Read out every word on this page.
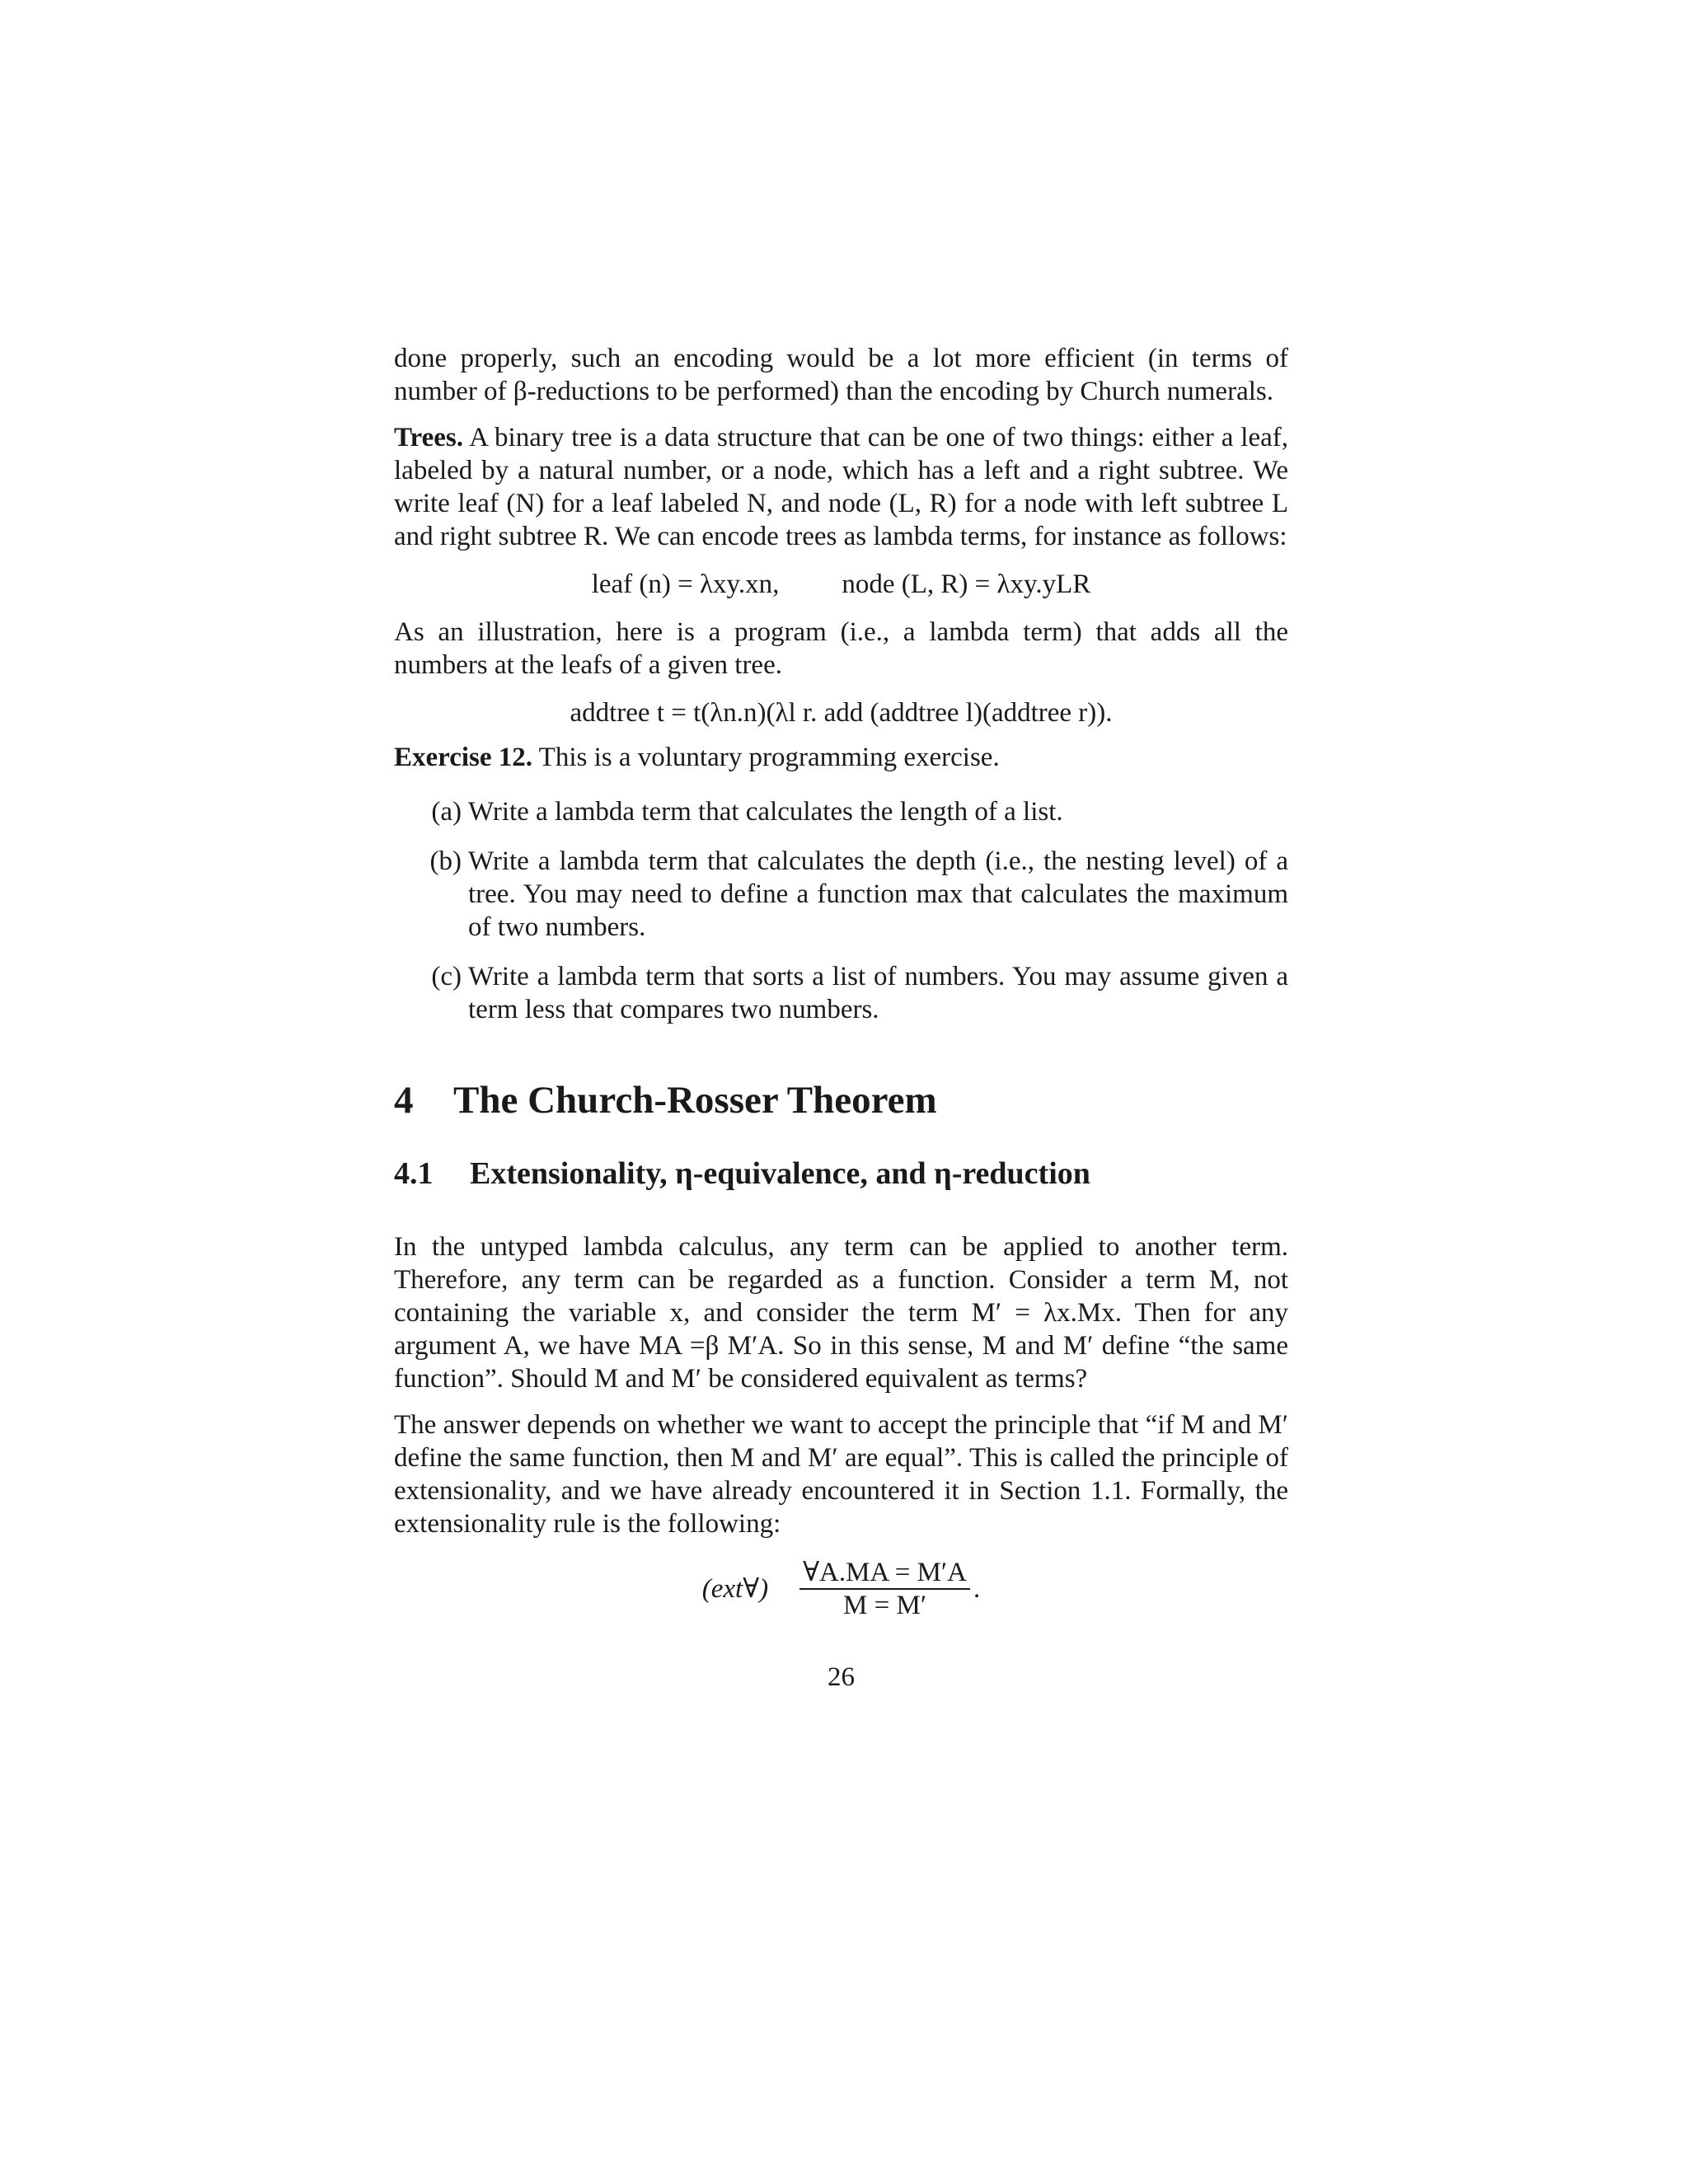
done properly, such an encoding would be a lot more efficient (in terms of number of β-reductions to be performed) than the encoding by Church numerals.

Trees. A binary tree is a data structure that can be one of two things: either a leaf, labeled by a natural number, or a node, which has a left and a right subtree. We write leaf (N) for a leaf labeled N, and node (L, R) for a node with left subtree L and right subtree R. We can encode trees as lambda terms, for instance as follows:

leaf (n) = λxy.xn, node (L, R) = λxy.yLR

As an illustration, here is a program (i.e., a lambda term) that adds all the numbers at the leafs of a given tree.

addtree t = t(λn.n)(λl r. add (addtree l)(addtree r)).

Exercise 12. This is a voluntary programming exercise.

(a) Write a lambda term that calculates the length of a list.
(b) Write a lambda term that calculates the depth (i.e., the nesting level) of a tree. You may need to define a function max that calculates the maximum of two numbers.
(c) Write a lambda term that sorts a list of numbers. You may assume given a term less that compares two numbers.
4 The Church-Rosser Theorem
4.1 Extensionality, η-equivalence, and η-reduction

In the untyped lambda calculus, any term can be applied to another term. Therefore, any term can be regarded as a function. Consider a term M, not containing the variable x, and consider the term M′ = λx.Mx. Then for any argument A, we have MA =β M′A. So in this sense, M and M′ define “the same function”. Should M and M′ be considered equivalent as terms?

The answer depends on whether we want to accept the principle that “if M and M′ define the same function, then M and M′ are equal”. This is called the principle of extensionality, and we have already encountered it in Section 1.1. Formally, the extensionality rule is the following:

(ext∀) $\frac{\forall A.MA = M'A}{M = M'}$ .
26
